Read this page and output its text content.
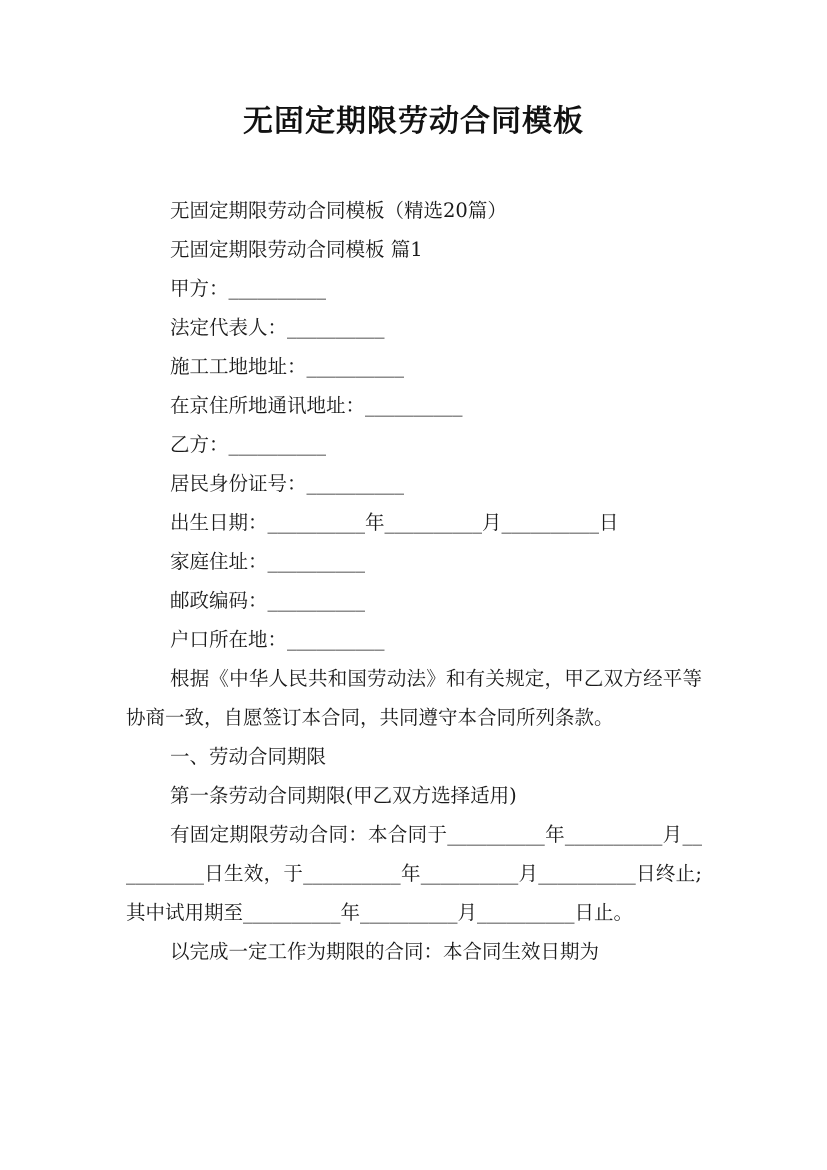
无固定期限劳动合同模板

无固定期限劳动合同模板（精选20篇）

无固定期限劳动合同模板 篇1

甲方：__________

法定代表人：__________

施工工地地址：__________

在京住所地通讯地址：__________

乙方：__________

居民身份证号：__________

出生日期：__________年__________月__________日

家庭住址：__________

邮政编码：__________

户口所在地：__________

根据《中华人民共和国劳动法》和有关规定，甲乙双方经平等协商一致，自愿签订本合同，共同遵守本合同所列条款。

一、劳动合同期限

第一条劳动合同期限(甲乙双方选择适用)

有固定期限劳动合同：本合同于__________年__________月__________日生效，于__________年__________月__________日终止;其中试用期至__________年__________月__________日止。

以完成一定工作为期限的合同：本合同生效日期为
